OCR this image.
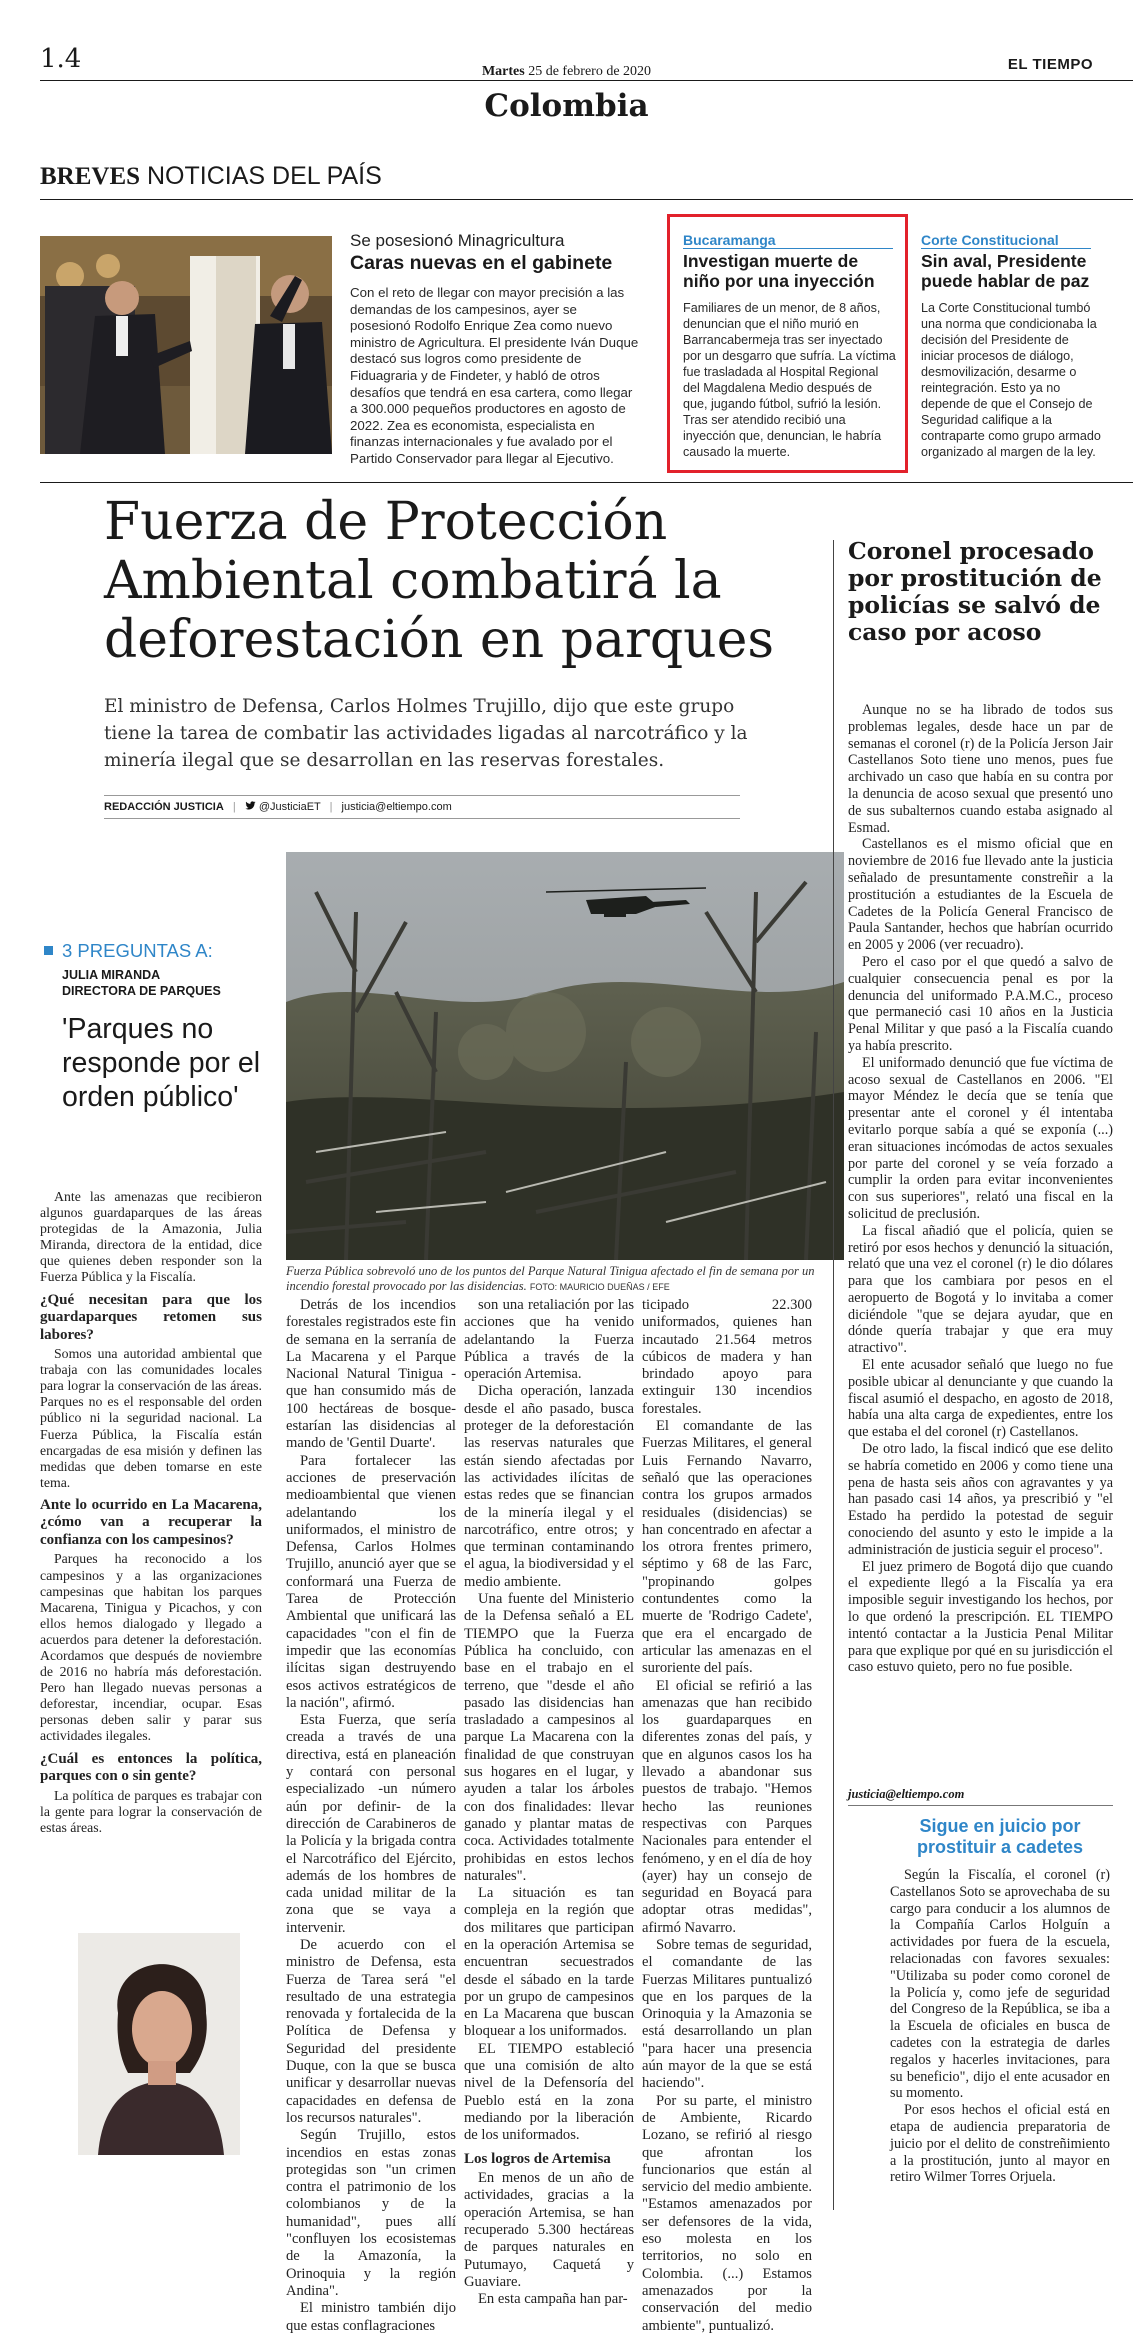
1.4	Martes 25 de febrero de 2020	EL TIEMPO
Colombia
BREVES NOTICIAS DEL PAÍS
Se posesionó Minagricultura
Caras nuevas en el gabinete

Con el reto de llegar con mayor precisión a las demandas de los campesinos, ayer se posesionó Rodolfo Enrique Zea como nuevo ministro de Agricultura. El presidente Iván Duque destacó sus logros como presidente de Fiduagraria y de Findeter, y habló de otros desafíos que tendrá en esa cartera, como llegar a 300.000 pequeños productores en agosto de 2022. Zea es economista, especialista en finanzas internacionales y fue avalado por el Partido Conservador para llegar al Ejecutivo.

Bucaramanga
Investigan muerte de niño por una inyección

Familiares de un menor, de 8 años, denuncian que el niño murió en Barrancabermeja tras ser inyectado por un desgarro que sufría. La víctima fue trasladada al Hospital Regional del Magdalena Medio después de que, jugando fútbol, sufrió la lesión. Tras ser atendido recibió una inyección que, denuncian, le habría causado la muerte.

Corte Constitucional
Sin aval, Presidente puede hablar de paz

La Corte Constitucional tumbó una norma que condicionaba la decisión del Presidente de iniciar procesos de diálogo, desmovilización, desarme o reintegración. Esto ya no depende de que el Consejo de Seguridad califique a la contraparte como grupo armado organizado al margen de la ley.

Fuerza de Protección Ambiental combatirá la deforestación en parques
El ministro de Defensa, Carlos Holmes Trujillo, dijo que este grupo tiene la tarea de combatir las actividades ligadas al narcotráfico y la minería ilegal que se desarrollan en las reservas forestales.
REDACCIÓN JUSTICIA | @JusticiaET | justicia@eltiempo.com
Fuerza Pública sobrevoló uno de los puntos del Parque Natural Tinigua afectado el fin de semana por un incendio forestal provocado por las disidencias. FOTO: MAURICIO DUEÑAS / EFE
3 PREGUNTAS A:
JULIA MIRANDA
DIRECTORA DE PARQUES
'Parques no responde por el orden público'

Ante las amenazas que recibieron algunos guardaparques de las áreas protegidas de la Amazonia, Julia Miranda, directora de la entidad, dice que quienes deben responder son la Fuerza Pública y la Fiscalía.

¿Qué necesitan para que los guardaparques retomen sus labores?

Somos una autoridad ambiental que trabaja con las comunidades locales para lograr la conservación de las áreas. Parques no es el responsable del orden público ni la seguridad nacional. La Fuerza Pública, la Fiscalía están encargadas de esa misión y definen las medidas que deben tomarse en este tema.

Ante lo ocurrido en La Macarena, ¿cómo van a recuperar la confianza con los campesinos?

Parques ha reconocido a los campesinos y a las organizaciones campesinas que habitan los parques Macarena, Tinigua y Picachos, y con ellos hemos dialogado y llegado a acuerdos para detener la deforestación. Acordamos que después de noviembre de 2016 no habría más deforestación. Pero han llegado nuevas personas a deforestar, incendiar, ocupar. Esas personas deben salir y parar sus actividades ilegales.

¿Cuál es entonces la política, parques con o sin gente?

La política de parques es trabajar con la gente para lograr la conservación de estas áreas.

Detrás de los incendios forestales registrados este fin de semana en la serranía de La Macarena y el Parque Nacional Natural Tinigua -que han consumido más de 100 hectáreas de bosque- estarían las disidencias al mando de 'Gentil Duarte'.

Para fortalecer las acciones de preservación medioambiental que vienen adelantando los uniformados, el ministro de Defensa, Carlos Holmes Trujillo, anunció ayer que se conformará una Fuerza de Tarea de Protección Ambiental que unificará las capacidades "con el fin de impedir que las economías ilícitas sigan destruyendo esos activos estratégicos de la nación", afirmó.

Esta Fuerza, que sería creada a través de una directiva, está en planeación y contará con personal especializado -un número aún por definir- de la dirección de Carabineros de la Policía y la brigada contra el Narcotráfico del Ejército, además de los hombres de cada unidad militar de la zona que se vaya a intervenir.

De acuerdo con el ministro de Defensa, esta Fuerza de Tarea será "el resultado de una estrategia renovada y fortalecida de la Política de Defensa y Seguridad del presidente Duque, con la que se busca unificar y desarrollar nuevas capacidades en defensa de los recursos naturales".

Según Trujillo, estos incendios en estas zonas protegidas son "un crimen contra el patrimonio de los colombianos y de la humanidad", pues allí "confluyen los ecosistemas de la Amazonía, la Orinoquia y la región Andina".

El ministro también dijo que estas conflagraciones

son una retaliación por las acciones que ha venido adelantando la Fuerza Pública a través de la operación Artemisa.

Dicha operación, lanzada desde el año pasado, busca proteger de la deforestación las reservas naturales que están siendo afectadas por las actividades ilícitas de estas redes que se financian de la minería ilegal y el narcotráfico, entre otros; y que terminan contaminando el agua, la biodiversidad y el medio ambiente.

Una fuente del Ministerio de la Defensa señaló a EL TIEMPO que la Fuerza Pública ha concluido, con base en el trabajo en el terreno, que "desde el año pasado las disidencias han trasladado a campesinos al parque La Macarena con la finalidad de que construyan sus hogares en el lugar, y ayuden a talar los árboles con dos finalidades: llevar ganado y plantar matas de coca. Actividades totalmente prohibidas en estos lechos naturales".

La situación es tan compleja en la región que dos militares que participan en la operación Artemisa se encuentran secuestrados desde el sábado en la tarde por un grupo de campesinos en La Macarena que buscan bloquear a los uniformados.

EL TIEMPO estableció que una comisión de alto nivel de la Defensoría del Pueblo está en la zona mediando por la liberación de los uniformados.

Los logros de Artemisa

En menos de un año de actividades, gracias a la operación Artemisa, se han recuperado 5.300 hectáreas de parques naturales en Putumayo, Caquetá y Guaviare.

En esta campaña han par-

ticipado 22.300 uniformados, quienes han incautado 21.564 metros cúbicos de madera y han brindado apoyo para extinguir 130 incendios forestales.

El comandante de las Fuerzas Militares, el general Luis Fernando Navarro, señaló que las operaciones contra los grupos armados residuales (disidencias) se han concentrado en afectar a los otrora frentes primero, séptimo y 68 de las Farc, "propinando golpes contundentes como la muerte de 'Rodrigo Cadete', que era el encargado de articular las amenazas en el suroriente del país.

El oficial se refirió a las amenazas que han recibido los guardaparques en diferentes zonas del país, y que en algunos casos los ha llevado a abandonar sus puestos de trabajo. "Hemos hecho las reuniones respectivas con Parques Nacionales para entender el fenómeno, y en el día de hoy (ayer) hay un consejo de seguridad en Boyacá para adoptar otras medidas", afirmó Navarro.

Sobre temas de seguridad, el comandante de las Fuerzas Militares puntualizó que en los parques de la Orinoquia y la Amazonia se está desarrollando un plan "para hacer una presencia aún mayor de la que se está haciendo".

Por su parte, el ministro de Ambiente, Ricardo Lozano, se refirió al riesgo que afrontan los funcionarios que están al servicio del medio ambiente. "Estamos amenazados por ser defensores de la vida, eso molesta en los territorios, no solo en Colombia. (...) Estamos amenazados por la conservación del medio ambiente", puntualizó.

Coronel procesado por prostitución de policías se salvó de caso por acoso

Aunque no se ha librado de todos sus problemas legales, desde hace un par de semanas el coronel (r) de la Policía Jerson Jair Castellanos Soto tiene uno menos, pues fue archivado un caso que había en su contra por la denuncia de acoso sexual que presentó uno de sus subalternos cuando estaba asignado al Esmad.

Castellanos es el mismo oficial que en noviembre de 2016 fue llevado ante la justicia señalado de presuntamente constreñir a la prostitución a estudiantes de la Escuela de Cadetes de la Policía General Francisco de Paula Santander, hechos que habrían ocurrido en 2005 y 2006 (ver recuadro).

Pero el caso por el que quedó a salvo de cualquier consecuencia penal es por la denuncia del uniformado P.A.M.C., proceso que permaneció casi 10 años en la Justicia Penal Militar y que pasó a la Fiscalía cuando ya había prescrito.

El uniformado denunció que fue víctima de acoso sexual de Castellanos en 2006. "El mayor Méndez le decía que se tenía que presentar ante el coronel y él intentaba evitarlo porque sabía a qué se exponía (...) eran situaciones incómodas de actos sexuales por parte del coronel y se veía forzado a cumplir la orden para evitar inconvenientes con sus superiores", relató una fiscal en la solicitud de preclusión.

La fiscal añadió que el policía, quien se retiró por esos hechos y denunció la situación, relató que una vez el coronel (r) le dio dólares para que los cambiara por pesos en el aeropuerto de Bogotá y lo invitaba a comer diciéndole "que se dejara ayudar, que en dónde quería trabajar y que era muy atractivo".

El ente acusador señaló que luego no fue posible ubicar al denunciante y que cuando la fiscal asumió el despacho, en agosto de 2018, había una alta carga de expedientes, entre los que estaba el del coronel (r) Castellanos.

De otro lado, la fiscal indicó que ese delito se habría cometido en 2006 y como tiene una pena de hasta seis años con agravantes y ya han pasado casi 14 años, ya prescribió y "el Estado ha perdido la potestad de seguir conociendo del asunto y esto le impide a la administración de justicia seguir el proceso".

El juez primero de Bogotá dijo que cuando el expediente llegó a la Fiscalía ya era imposible seguir investigando los hechos, por lo que ordenó la prescripción. EL TIEMPO intentó contactar a la Justicia Penal Militar para que explique por qué en su jurisdicción el caso estuvo quieto, pero no fue posible.

justicia@eltiempo.com
Sigue en juicio por prostituir a cadetes

Según la Fiscalía, el coronel (r) Castellanos Soto se aprovechaba de su cargo para conducir a los alumnos de la Compañía Carlos Holguín a actividades por fuera de la escuela, relacionadas con favores sexuales: "Utilizaba su poder como coronel de la Policía y, como jefe de seguridad del Congreso de la República, se iba a la Escuela de oficiales en busca de cadetes con la estrategia de darles regalos y hacerles invitaciones, para su beneficio", dijo el ente acusador en su momento.

Por esos hechos el oficial está en etapa de audiencia preparatoria de juicio por el delito de constreñimiento a la prostitución, junto al mayor en retiro Wilmer Torres Orjuela.
